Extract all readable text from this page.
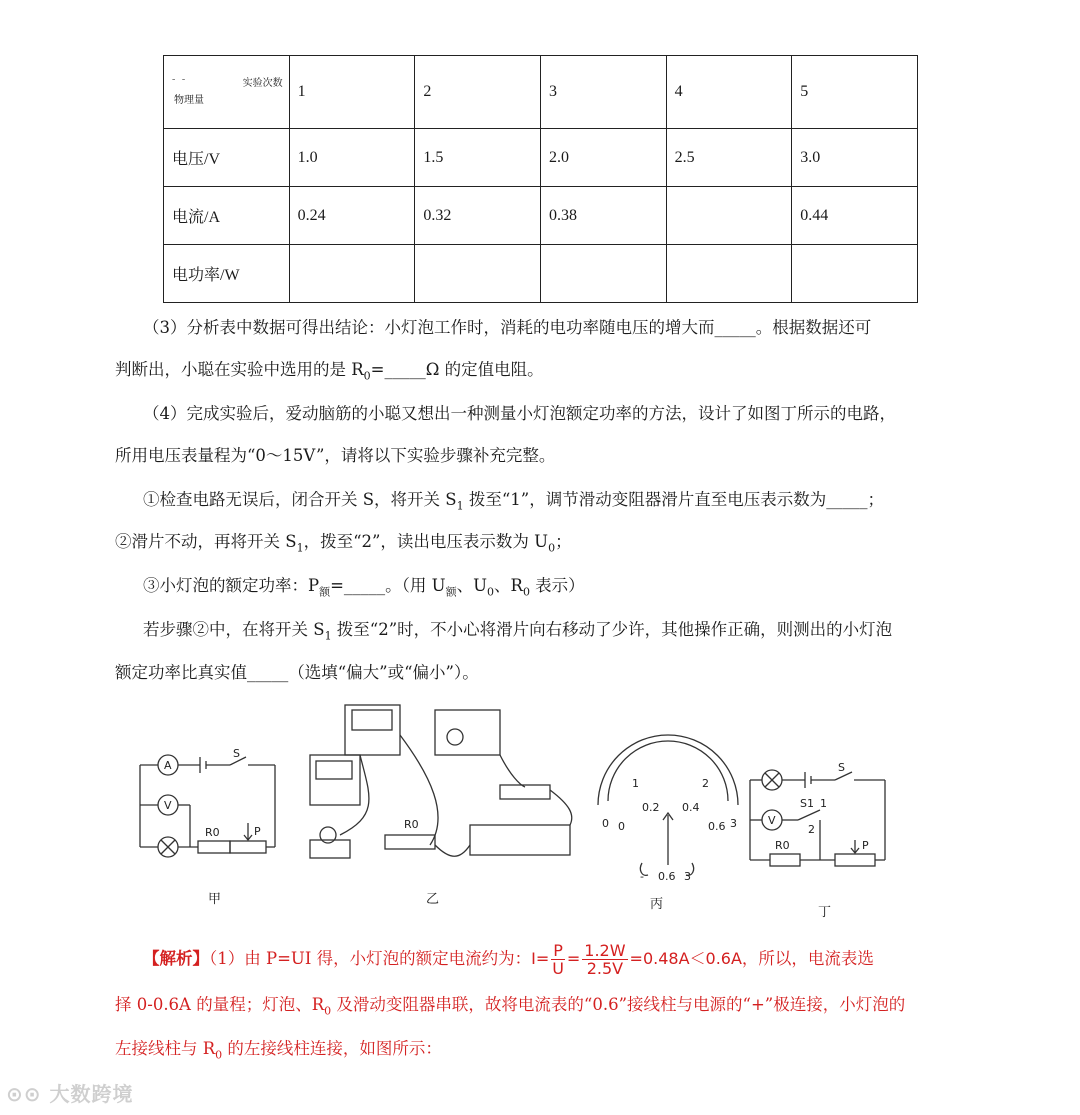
- - 实验次数
物理量	1	2	3	4	5
电压/V	1.0	1.5	2.0	2.5	3.0
电流/A	0.24	0.32	0.38		0.44
电功率/W					
（3）分析表中数据可得出结论：小灯泡工作时，消耗的电功率随电压的增大而_____。根据数据还可
判断出，小聪在实验中选用的是 $R_0=\_\_\_\_\_\Omega$ 的定值电阻。
（4）完成实验后，爱动脑筋的小聪又想出一种测量小灯泡额定功率的方法，设计了如图丁所示的电路，
所用电压表量程为“0～15V”，请将以下实验步骤补充完整。
①检查电路无误后，闭合开关 S，将开关 $S_1$ 拨至“1”，调节滑动变阻器滑片直至电压表示数为_____；
②滑片不动，再将开关 $S_1$，拨至“2”，读出电压表示数为 $U_0$；
③小灯泡的额定功率：$P_额=\_\_\_\_\_$。（用 $U_额$、$U_0$、$R_0$ 表示）
若步骤②中，在将开关 $S_1$ 拨至“2”时，不小心将滑片向右移动了少许，其他操作正确，则测出的小灯泡
额定功率比真实值_____（选填“偏大”或“偏小”）。
A
V
S
R0	P
R0	0
1	2
3
0
0.2 0.4
0.6
- 0.6 3
V
S
S1 1
2
R0	P
甲	乙	丙
丁
【解析】（1）由 P=UI 得，小灯泡的额定电流约为：$I= \frac{P}{U} = \frac{1.2W}{2.5V} =0.48A<0.6A$，所以，电流表选
择 0-0.6A 的量程；灯泡、$R_0$ 及滑动变阻器串联，故将电流表的“0.6”接线柱与电源的“+”极连接，小灯泡的
左接线柱与 $R_0$ 的左接线柱连接，如图所示：
⊙⊙ 大数跨境
